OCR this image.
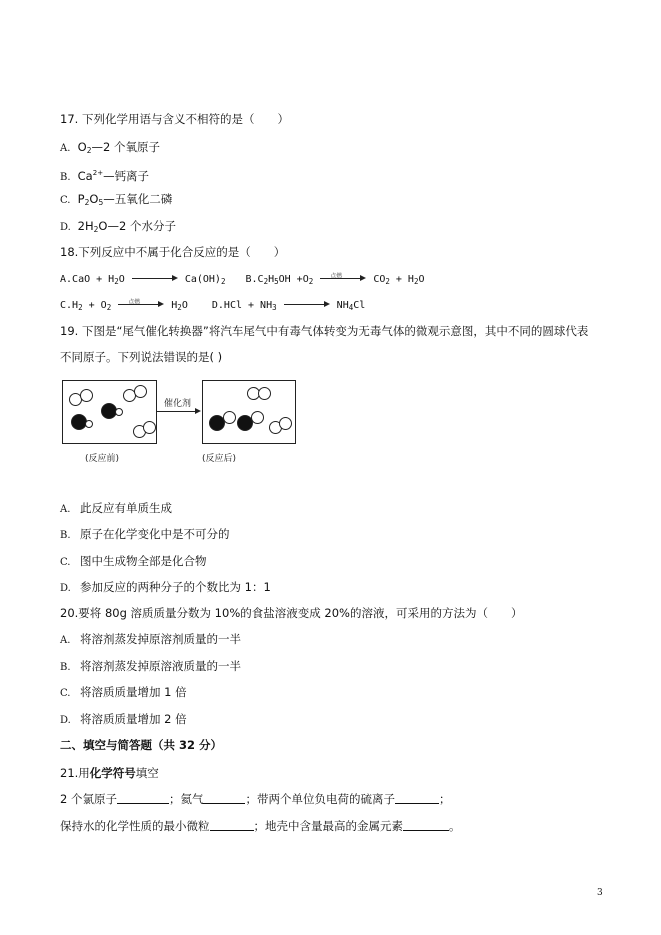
17. 下列化学用语与含义不相符的是（　　）
A. $O_2—2$ 个氧原子
B. $Ca^{2+}—$钙离子
C. $P_2O_5—$五氧化二磷
D. $2H_2O—2$ 个水分子
18.下列反应中不属于化合反应的是（　　）
$A.CaO + H_2O$	$Ca(OH)_2$ $B.C_2H_5OH +O_2$
点燃	$CO_2 + H_2O$
$C.H_2 + O_2$
点燃	$H_2O$ $D.HCl + NH_3$	$NH_4Cl$
19. 下图是“尾气催化转换器”将汽车尾气中有毒气体转变为无毒气体的微观示意图，其中不同的圆球代表
不同原子。下列说法错误的是( )
催化剂
(反应前)	(反应后)
A. 此反应有单质生成
B. 原子在化学变化中是不可分的
C. 图中生成物全部是化合物
D. 参加反应的两种分子的个数比为 1：1
20.要将 80g 溶质质量分数为 10%的食盐溶液变成 20%的溶液，可采用的方法为（　　）
A. 将溶剂蒸发掉原溶剂质量的一半
B. 将溶剂蒸发掉原溶液质量的一半
C. 将溶质质量增加 1 倍
D. 将溶质质量增加 2 倍
二、填空与简答题（共 32 分）
21.用化学符号填空
2 个氯原子	；氦气	；带两个单位负电荷的硫离子	；
保持水的化学性质的最小微粒	；地壳中含量最高的金属元素	。
3
